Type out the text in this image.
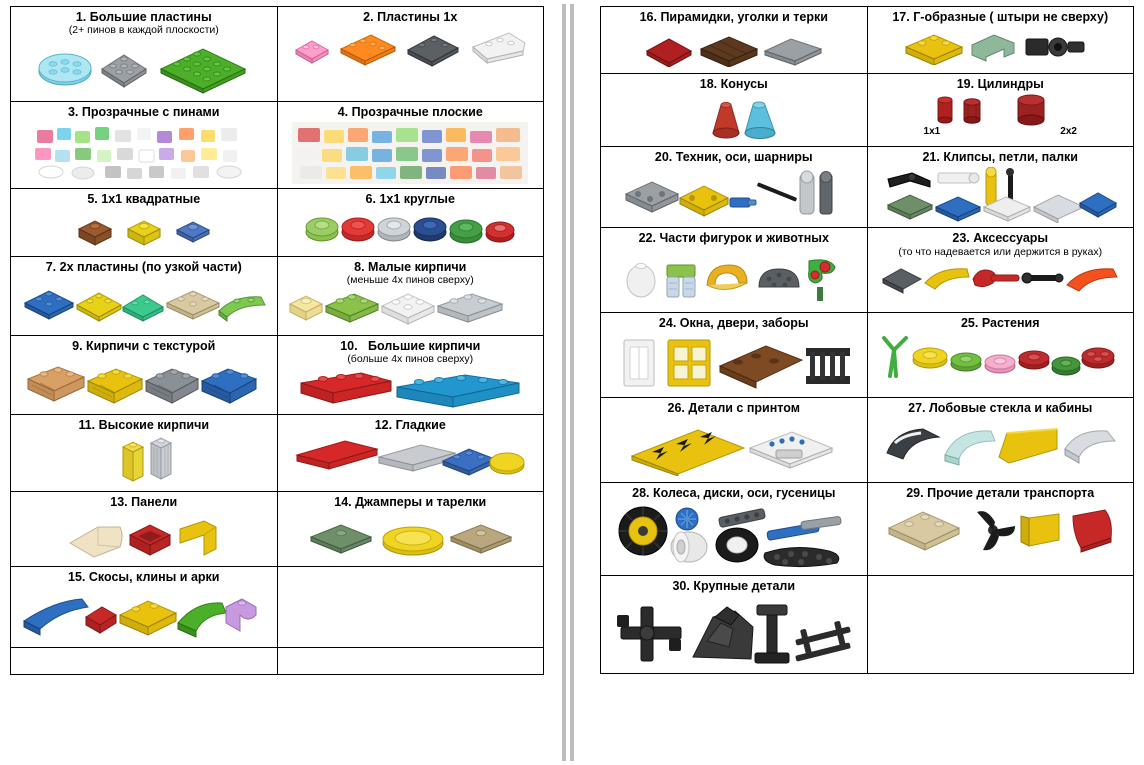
1. Большие пластины
(2+ пинов в каждой плоскости)	2. Пластины 1х

3. Прозрачные с пинами	4. Прозрачные плоские

5. 1х1 квадратные	6. 1х1 круглые

7. 2х пластины (по узкой части)	8. Малые кирпичи
(меньше 4х пинов сверху)

9. Кирпичи с текстурой	10. Большие кирпичи
(больше 4х пинов сверху)

11. Высокие кирпичи	12. Гладкие

13. Панели	14. Джамперы и тарелки

15. Скосы, клины и арки	

16. Пирамидки, уголки и терки	17. Г-образные ( штыри не сверху)

18. Конусы	19. Цилиндры
1х1 2х2

20. Техник, оси, шарниры	21. Клипсы, петли, палки

22. Части фигурок и животных	23. Аксессуары
(то что надевается или держится в руках)

24. Окна, двери, заборы	25. Растения

26. Детали с принтом	27. Лобовые стекла и кабины

28. Колеса, диски, оси, гусеницы	29. Прочие детали транспорта

30. Крупные детали	
